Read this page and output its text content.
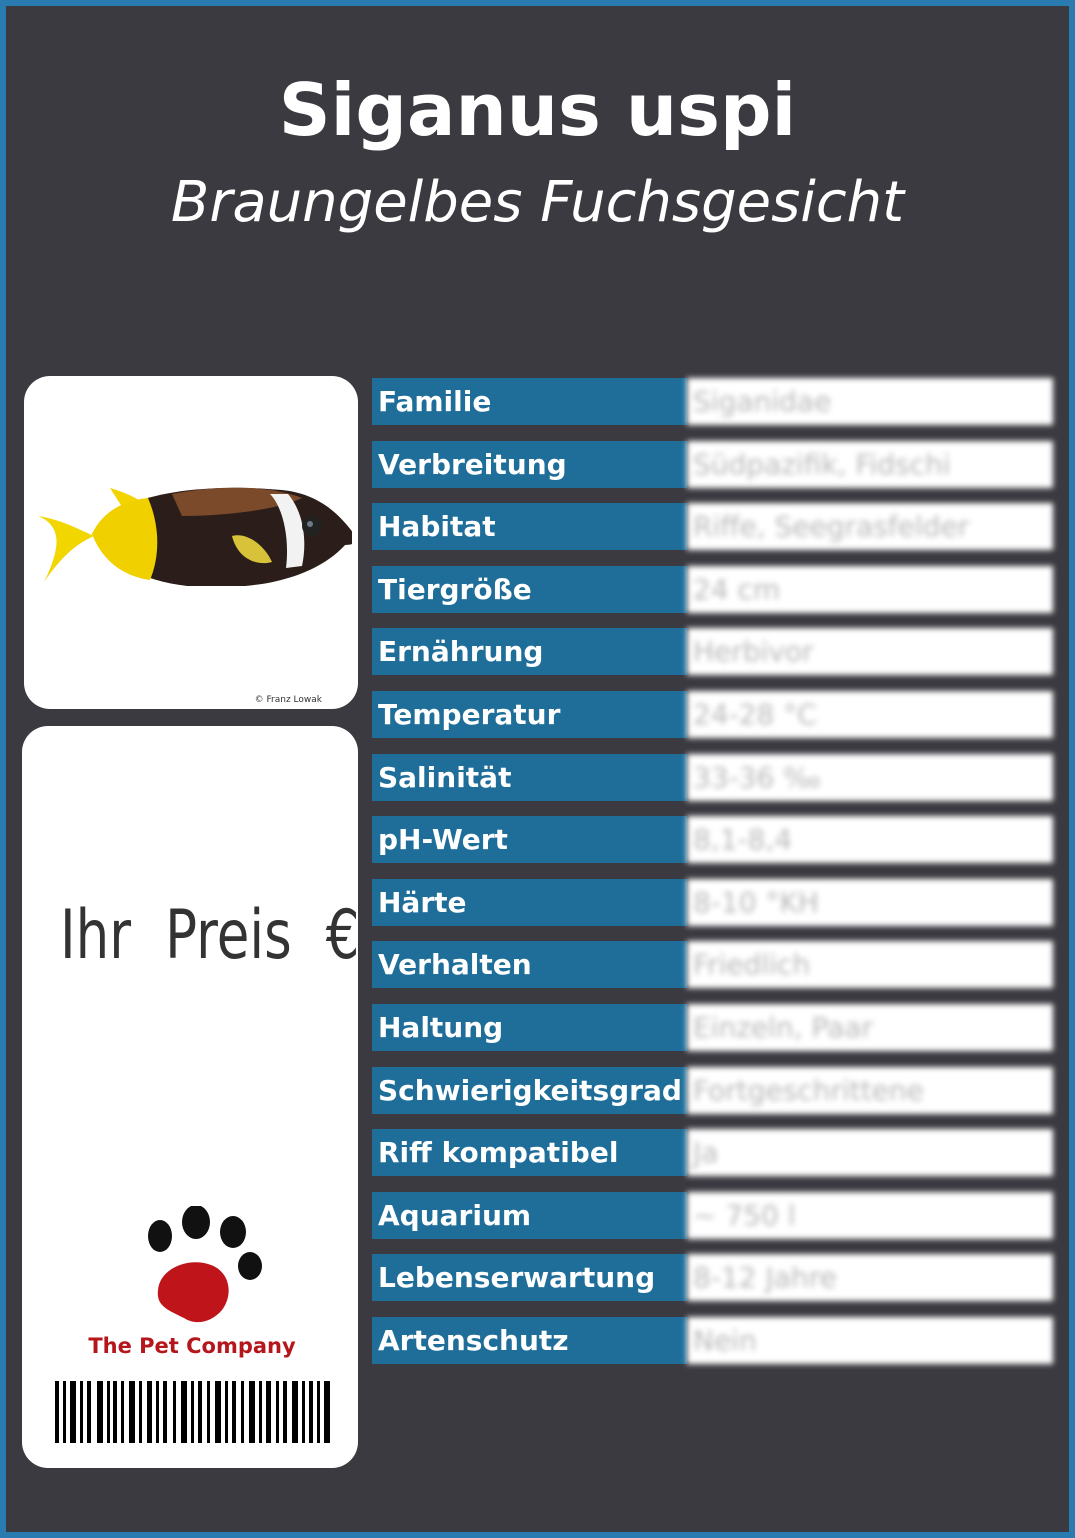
Siganus uspi
Braungelbes Fuchsgesicht
© Franz Lowak
Ihr Preis €
The Pet Company
Familie	Siganidae
Verbreitung	Südpazifik, Fidschi
Habitat	Riffe, Seegrasfelder
Tiergröße	24 cm
Ernährung	Herbivor
Temperatur	24-28 °C
Salinität	33-36 ‰
pH-Wert	8,1-8,4
Härte	8-10 °KH
Verhalten	Friedlich
Haltung	Einzeln, Paar
Schwierigkeitsgrad Fortgeschrittene
Riff kompatibel	Ja
Aquarium	~ 750 l
Lebenserwartung	8-12 Jahre
Artenschutz	Nein
